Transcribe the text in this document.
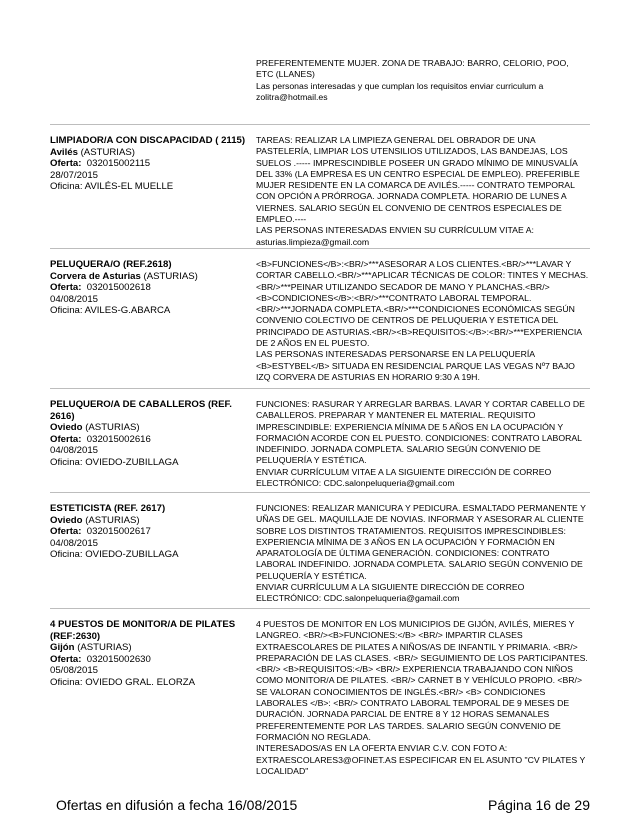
PREFERENTEMENTE MUJER. ZONA DE TRABAJO: BARRO, CELORIO, POO, ETC (LLANES)
Las personas interesadas y que cumplan los requisitos enviar curriculum a zolitra@hotmail.es
LIMPIADOR/A CON DISCAPACIDAD ( 2115)
Avilés (ASTURIAS)
Oferta: 032015002115
28/07/2015
Oficina: AVILÉS-EL MUELLE
TAREAS: REALIZAR LA LIMPIEZA GENERAL DEL OBRADOR DE UNA PASTELERÍA, LIMPIAR LOS UTENSILIOS UTILIZADOS, LAS BANDEJAS, LOS SUELOS .----- IMPRESCINDIBLE POSEER UN GRADO MÍNIMO DE MINUSVALÍA DEL 33% (LA EMPRESA ES UN CENTRO ESPECIAL DE EMPLEO). PREFERIBLE MUJER RESIDENTE EN LA COMARCA DE AVILÉS.----- CONTRATO TEMPORAL CON OPCIÓN A PRÓRROGA. JORNADA COMPLETA. HORARIO DE LUNES A VIERNES. SALARIO SEGÚN EL CONVENIO DE CENTROS ESPECIALES DE EMPLEO.----
LAS PERSONAS INTERESADAS ENVIEN SU CURRÍCULUM VITAE A: asturias.limpieza@gmail.com
PELUQUERA/O (REF.2618)
Corvera de Asturias (ASTURIAS)
Oferta: 032015002618
04/08/2015
Oficina: AVILES-G.ABARCA
<B>FUNCIONES</B>:<BR/>***ASESORAR A LOS CLIENTES.<BR/>***LAVAR Y CORTAR CABELLO.<BR/>***APLICAR TÉCNICAS DE COLOR: TINTES Y MECHAS.<BR/>***PEINAR UTILIZANDO SECADOR DE MANO Y PLANCHAS.<BR/><B>CONDICIONES</B>:<BR/>***CONTRATO LABORAL TEMPORAL.<BR/>***JORNADA COMPLETA.<BR/>***CONDICIONES ECONÓMICAS SEGÚN CONVENIO COLECTIVO DE CENTROS DE PELUQUERIA Y ESTETICA DEL PRINCIPADO DE ASTURIAS.<BR/><B>REQUISITOS:</B>:<BR/>***EXPERIENCIA DE 2 AÑOS EN EL PUESTO.
LAS PERSONAS INTERESADAS PERSONARSE EN LA PELUQUERÍA <B>ESTYBEL</B> SITUADA EN RESIDENCIAL PARQUE LAS VEGAS Nº7 BAJO IZQ CORVERA DE ASTURIAS EN HORARIO 9:30 A 19H.
PELUQUERO/A DE CABALLEROS (REF. 2616)
Oviedo (ASTURIAS)
Oferta: 032015002616
04/08/2015
Oficina: OVIEDO-ZUBILLAGA
FUNCIONES: RASURAR Y ARREGLAR BARBAS. LAVAR Y CORTAR CABELLO DE CABALLEROS. PREPARAR Y MANTENER EL MATERIAL. REQUISITO IMPRESCINDIBLE: EXPERIENCIA MÍNIMA DE 5 AÑOS EN LA OCUPACIÓN Y FORMACIÓN ACORDE CON EL PUESTO. CONDICIONES: CONTRATO LABORAL INDEFINIDO. JORNADA COMPLETA. SALARIO SEGÚN CONVENIO DE PELUQUERÍA Y ESTÉTICA.
ENVIAR CURRÍCULUM VITAE A LA SIGUIENTE DIRECCIÓN DE CORREO ELECTRÓNICO: CDC.salonpeluqueria@gmail.com
ESTETICISTA (REF. 2617)
Oviedo (ASTURIAS)
Oferta: 032015002617
04/08/2015
Oficina: OVIEDO-ZUBILLAGA
FUNCIONES: REALIZAR MANICURA Y PEDICURA. ESMALTADO PERMANENTE Y UÑAS DE GEL. MAQUILLAJE DE NOVIAS. INFORMAR Y ASESORAR AL CLIENTE SOBRE LOS DISTINTOS TRATAMIENTOS. REQUISITOS IMPRESCINDIBLES: EXPERIENCIA MÍNIMA DE 3 AÑOS EN LA OCUPACIÓN Y FORMACIÓN EN APARATOLOGÍA DE ÚLTIMA GENERACIÓN. CONDICIONES: CONTRATO LABORAL INDEFINIDO. JORNADA COMPLETA. SALARIO SEGÚN CONVENIO DE PELUQUERÍA Y ESTÉTICA.
ENVIAR CURRÍCULUM A LA SIGUIENTE DIRECCIÓN DE CORREO ELECTRÓNICO: CDC.salonpeluqueria@gamail.com
4 PUESTOS DE MONITOR/A DE PILATES (REF:2630)
Gijón (ASTURIAS)
Oferta: 032015002630
05/08/2015
Oficina: OVIEDO GRAL. ELORZA
4 PUESTOS DE MONITOR EN LOS MUNICIPIOS DE GIJÓN, AVILÉS, MIERES Y LANGREO. <BR/><B>FUNCIONES:</B> <BR/> IMPARTIR CLASES EXTRAESCOLARES DE PILATES A NIÑOS/AS DE INFANTIL Y PRIMARIA. <BR/> PREPARACIÓN DE LAS CLASES. <BR/> SEGUIMIENTO DE LOS PARTICIPANTES. <BR/> <B>REQUISITOS:</B> <BR/> EXPERIENCIA TRABAJANDO CON NIÑOS COMO MONITOR/A DE PILATES. <BR/> CARNET B Y VEHÍCULO PROPIO. <BR/> SE VALORAN CONOCIMIENTOS DE INGLÉS.<BR/> <B> CONDICIONES LABORALES </B>: <BR/> CONTRATO LABORAL TEMPORAL DE 9 MESES DE DURACIÓN. JORNADA PARCIAL DE ENTRE 8 Y 12 HORAS SEMANALES PREFERENTEMENTE POR LAS TARDES. SALARIO SEGÚN CONVENIO DE FORMACIÓN NO REGLADA.
INTERESADOS/AS EN LA OFERTA ENVIAR C.V. CON FOTO A: EXTRAESCOLARES3@OFINET.AS ESPECIFICAR EN EL ASUNTO "CV PILATES Y LOCALIDAD"
Ofertas en difusión a fecha 16/08/2015	Página 16 de 29
